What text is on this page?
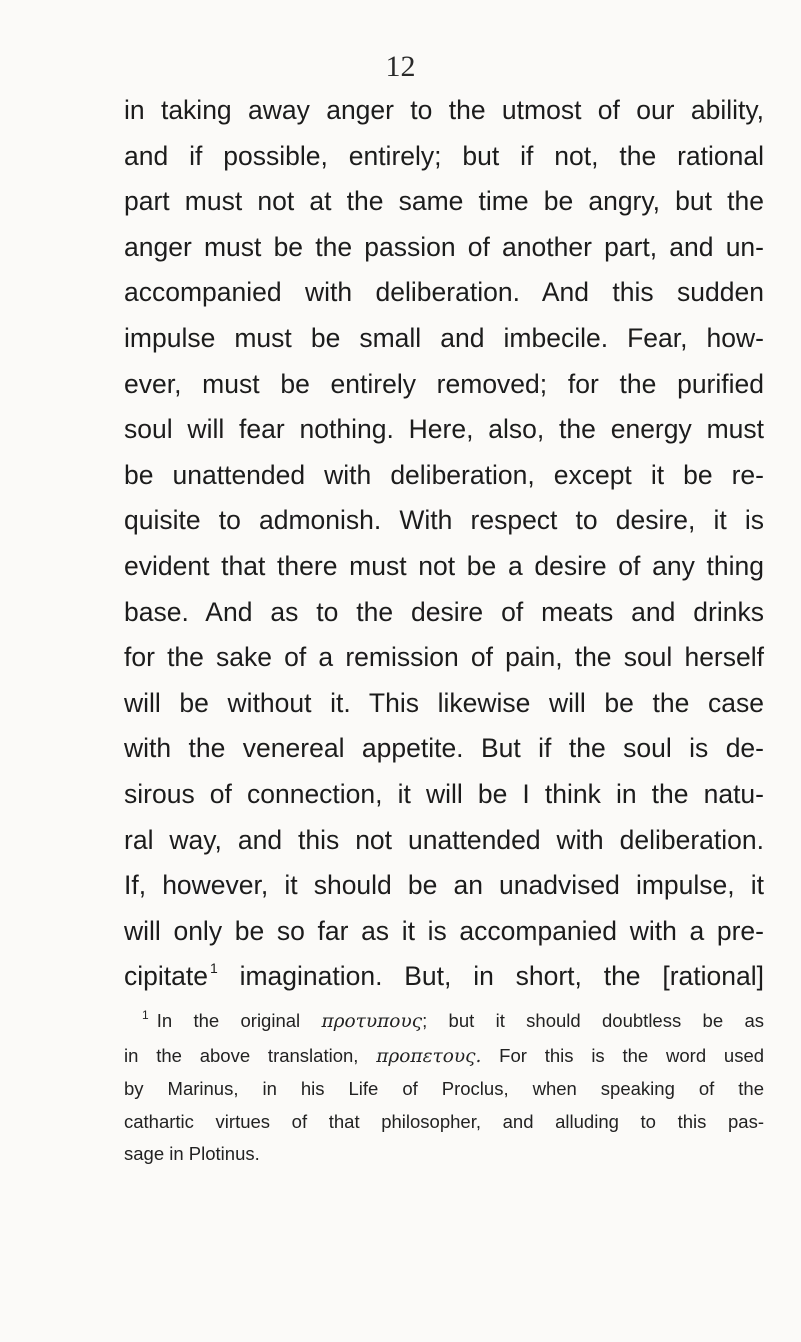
12
in taking away anger to the utmost of our ability,
and if possible, entirely; but if not, the rational
part must not at the same time be angry, but the
anger must be the passion of another part, and un-
accompanied with deliberation. And this sudden
impulse must be small and imbecile. Fear, how-
ever, must be entirely removed; for the purified
soul will fear nothing. Here, also, the energy must
be unattended with deliberation, except it be re-
quisite to admonish. With respect to desire, it is
evident that there must not be a desire of any thing
base. And as to the desire of meats and drinks
for the sake of a remission of pain, the soul herself
will be without it. This likewise will be the case
with the venereal appetite. But if the soul is de-
sirous of connection, it will be I think in the natu-
ral way, and this not unattended with deliberation.
If, however, it should be an unadvised impulse, it
will only be so far as it is accompanied with a pre-
cipitate $^1$ imagination. But, in short, the [rational]
$^1$ In the original προτυπους; but it should doubtless be as
in the above translation, προπετους. For this is the word used
by Marinus, in his Life of Proclus, when speaking of the
cathartic virtues of that philosopher, and alluding to this pas-
sage in Plotinus.
